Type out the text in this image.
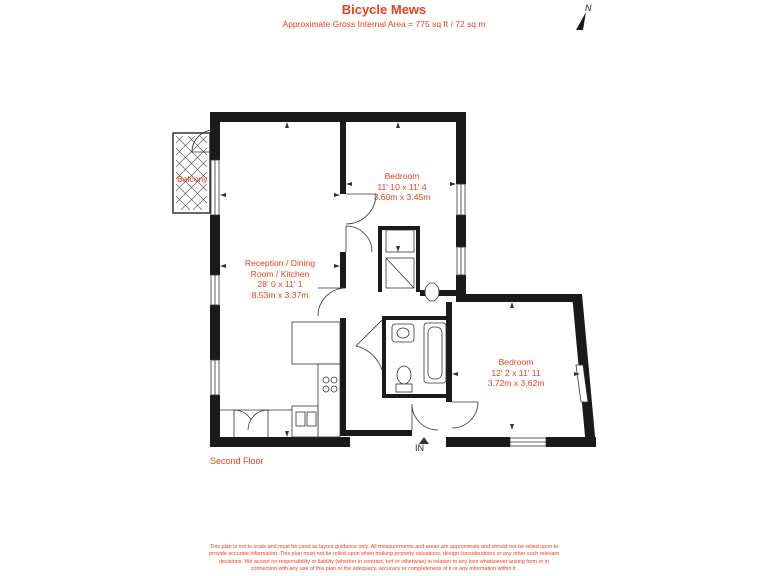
Bicycle Mews
Approximate Gross Internal Area = 775 sq ft / 72 sq m
Balcony
Reception / Dining
Room / Kitchen
28' 0 x 11' 1
8.53m x 3.37m
Bedroom
11' 10 x 11' 4
3.60m x 3.45m
Bedroom
12' 2 x 11' 11
3.72m x 3.62m
IN
N
Second Floor
This plan is not to scale and must be used as layout guidance only. All measurements and areas are approximate and should not be relied upon to
provide accurate information. This plan must not be relied upon when making property valuations, design considerations or any other such relevant
decisions. We accept no responsibility or liability (whether in contract, tort or otherwise) in relation to any loss whatsoever arising from or in
connection with any use of this plan or the adequacy, accuracy or completeness of it or any information within it.
